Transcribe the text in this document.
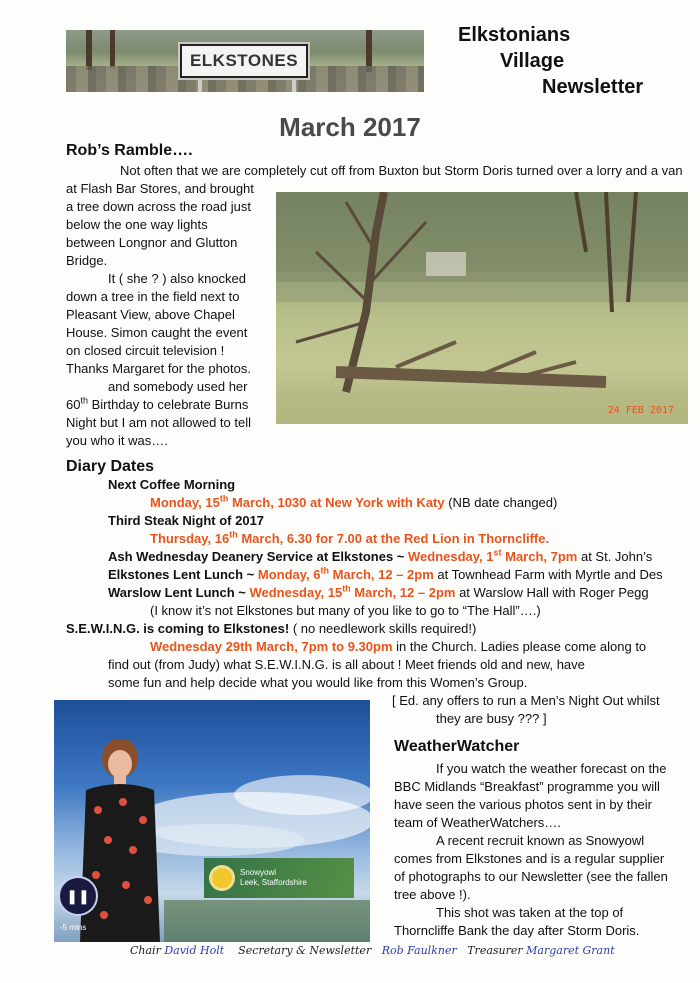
ELKSTONES
Elkstonians
Village
Newsletter
March 2017
Rob’s Ramble….
Not often that we are completely cut off from Buxton but Storm Doris turned over a lorry and a van
at Flash Bar Stores, and brought
a tree down across the road just
below the one way lights
between Longnor and Glutton
Bridge.
It ( she ? ) also knocked
down a tree in the field next to
Pleasant View, above Chapel
House. Simon caught the event
on closed circuit television !
Thanks Margaret for the photos.
and somebody used her
60th Birthday to celebrate Burns
Night but I am not allowed to tell
you who it was….
24 FEB 2017
Diary Dates
Next Coffee Morning
Monday, 15th March, 1030 at New York with Katy (NB date changed)
Third Steak Night of 2017
Thursday, 16th March, 6.30 for 7.00 at the Red Lion in Thorncliffe.
Ash Wednesday Deanery Service at Elkstones ~ Wednesday, 1st March, 7pm at St. John’s
Elkstones Lent Lunch ~ Monday, 6th March, 12 – 2pm at Townhead Farm with Myrtle and Des
Warslow Lent Lunch ~ Wednesday, 15th March, 12 – 2pm at Warslow Hall with Roger Pegg
(I know it’s not Elkstones but many of you like to go to “The Hall”….)
S.E.W.I.N.G. is coming to Elkstones! ( no needlework skills required!)
Wednesday 29th March, 7pm to 9.30pm in the Church. Ladies please come along to
find out (from Judy) what S.E.W.I.N.G. is all about ! Meet friends old and new, have
some fun and help decide what you would like from this Women’s Group.
[ Ed. any offers to run a Men’s Night Out whilst
they are busy ??? ]
❚❚
-5 mins
Snowyowl
Leek, Staffordshire
WeatherWatcher
If you watch the weather forecast on the
BBC Midlands “Breakfast” programme you will
have seen the various photos sent in by their
team of WeatherWatchers….
A recent recruit known as Snowyowl
comes from Elkstones and is a regular supplier
of photographs to our Newsletter (see the fallen
tree above !).
This shot was taken at the top of
Thorncliffe Bank the day after Storm Doris.
Chair David Holt Secretary & Newsletter Rob Faulkner Treasurer Margaret Grant
